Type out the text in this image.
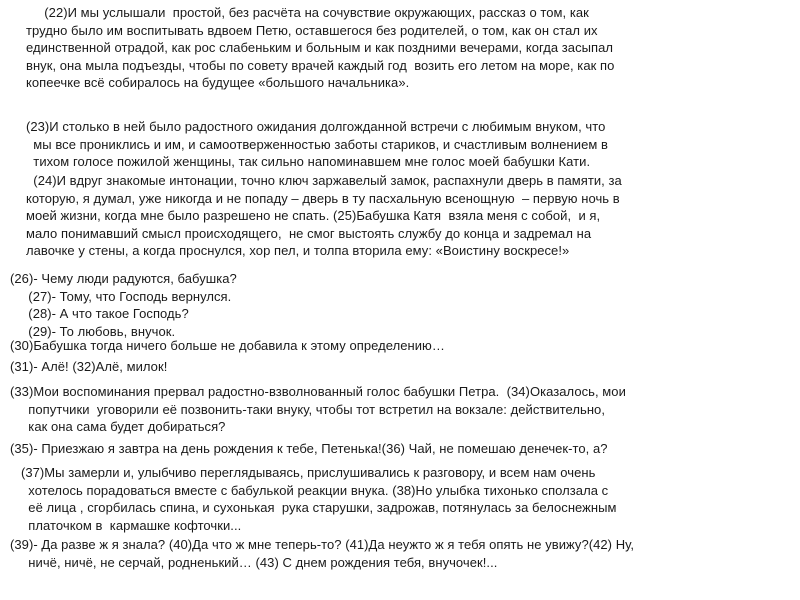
(22)И мы услышали  простой, без расчёта на сочувствие окружающих, рассказ о том, как
трудно было им воспитывать вдвоем Петю, оставшегося без родителей, о том, как он стал их
единственной отрадой, как рос слабеньким и больным и как поздними вечерами, когда засыпал
внук, она мыла подъезды, чтобы по совету врачей каждый год  возить его летом на море, как по
копеечке всё собиралось на будущее «большого начальника».

(23)И столько в ней было радостного ожидания долгожданной встречи с любимым внуком, что
мы все прониклись и им, и самоотверженностью заботы стариков, и счастливым волнением в
тихом голосе пожилой женщины, так сильно напоминавшем мне голос моей бабушки Кати.

(24)И вдруг знакомые интонации, точно ключ заржавелый замок, распахнули дверь в памяти, за
которую, я думал, уже никогда и не попаду – дверь в ту пасхальную всенощную  – первую ночь в
моей жизни, когда мне было разрешено не спать. (25)Бабушка Катя  взяла меня с собой,  и я,
мало понимавший смысл происходящего,  не смог выстоять службу до конца и задремал на
лавочке у стены, а когда проснулся, хор пел, и толпа вторила ему: «Воистину воскресе!»

(26)- Чему люди радуются, бабушка?
(27)- Тому, что Господь вернулся.
(28)- А что такое Господь?
(29)- То любовь, внучок.

(30)Бабушка тогда ничего больше не добавила к этому определению…

(31)- Алё! (32)Алё, милок!

(33)Мои воспоминания прервал радостно-взволнованный голос бабушки Петра.  (34)Оказалось, мои
попутчики  уговорили её позвонить-таки внуку, чтобы тот встретил на вокзале: действительно,
как она сама будет добираться?

(35)- Приезжаю я завтра на день рождения к тебе, Петенька!(36) Чай, не помешаю денечек-то, а?

(37)Мы замерли и, улыбчиво переглядываясь, прислушивались к разговору, и всем нам очень
хотелось порадоваться вместе с бабулькой реакции внука. (38)Но улыбка тихонько сползала с
её лица , сгорбилась спина, и сухонькая  рука старушки, задрожав, потянулась за белоснежным
платочком в  кармашке кофточки...

(39)- Да разве ж я знала? (40)Да что ж мне теперь-то? (41)Да неужто ж я тебя опять не увижу?(42) Ну,
ничё, ничё, не серчай, родненький… (43) С днем рождения тебя, внучочек!...
